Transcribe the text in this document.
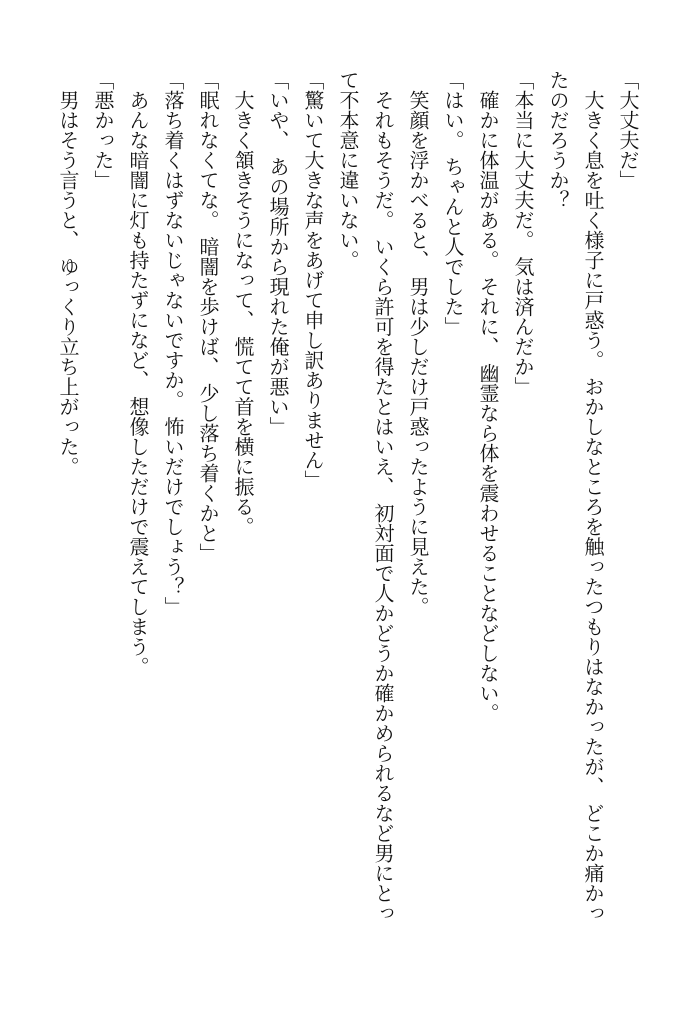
「大丈夫だ」

大きく息を吐く様子に戸惑う。 おかしなところを触ったつもりはなかったが、 どこか痛かっ

たのだろうか？

「本当に大丈夫だ。 気は済んだか」

確かに体温がある。 それに、 幽霊なら体を震わせることなどしない。

「はい。 ちゃんと人でした」

笑顔を浮かべると、 男は少しだけ戸惑ったように見えた。

それもそうだ。 いくら許可を得たとはいえ、 初対面で人かどうか確かめられるなど男にとっ

て不本意に違いない。

「驚いて大きな声をあげて申し訳ありません」

「いや、 あの場所から現れた俺が悪い」

大きく頷きそうになって、 慌てて首を横に振る。

「眠れなくてな。 暗闇を歩けば、 少し落ち着くかと」

「落ち着くはずないじゃないですか。 怖いだけでしょう？」

あんな暗闇に灯も持たずになど、 想像しただけで震えてしまう。

「悪かった」

男はそう言うと、 ゆっくり立ち上がった。
